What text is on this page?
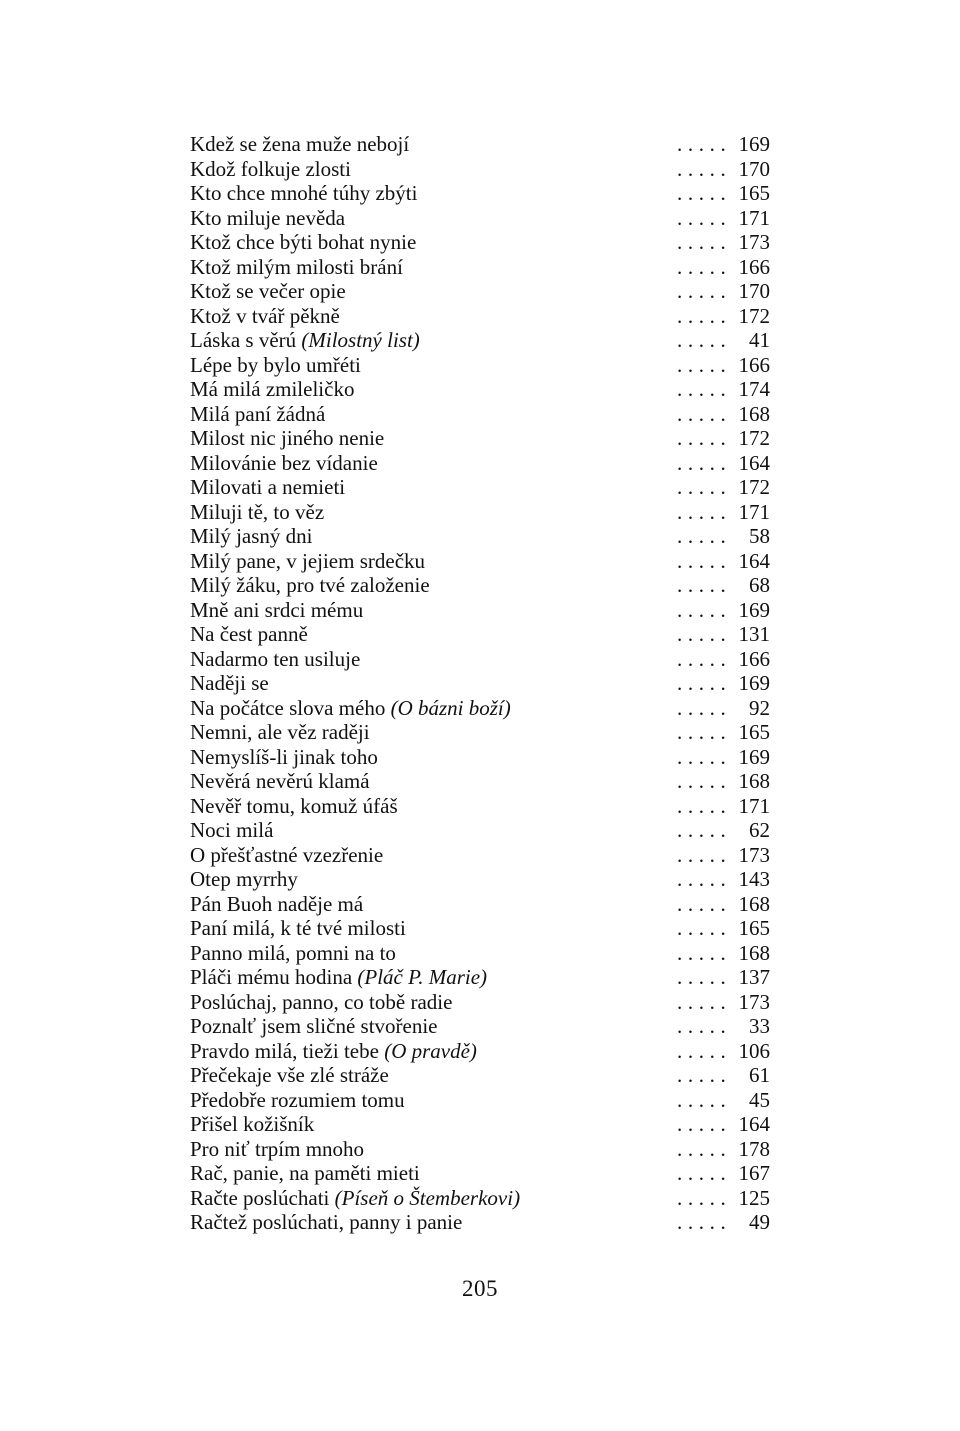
Kdež se žena muže nebojí	. . . . . 169
Kdož folkuje zlosti	. . . . . 170
Kto chce mnohé túhy zbýti	. . . . . 165
Kto miluje nevěda	. . . . . 171
Ktož chce býti bohat nynie	. . . . . 173
Ktož milým milosti brání	. . . . . 166
Ktož se večer opie	. . . . . 170
Ktož v tvář pěkně	. . . . . 172
Láska s věrú (Milostný list)	. . . . .	41
Lépe by bylo umřéti	. . . . . 166
Má milá zmileličko	. . . . . 174
Milá paní žádná	. . . . . 168
Milost nic jiného nenie	. . . . . 172
Milovánie bez vídanie	. . . . . 164
Milovati a nemieti	. . . . . 172
Miluji tě, to věz	. . . . . 171
Milý jasný dni	. . . . .	58
Milý pane, v jejiem srdečku	. . . . . 164
Milý žáku, pro tvé založenie	. . . . .	68
Mně ani srdci mému	. . . . . 169
Na čest panně	. . . . . 131
Nadarmo ten usiluje	. . . . . 166
Naději se	. . . . . 169
Na počátce slova mého (O bázni boží)	. . . . .	92
Nemni, ale věz raději	. . . . . 165
Nemyslíš-li jinak toho	. . . . . 169
Nevěrá nevěrú klamá	. . . . . 168
Nevěř tomu, komuž úfáš	. . . . . 171
Noci milá	. . . . .	62
O přešťastné vzezřenie	. . . . . 173
Otep myrrhy	. . . . . 143
Pán Buoh naděje má	. . . . . 168
Paní milá, k té tvé milosti	. . . . . 165
Panno milá, pomni na to	. . . . . 168
Pláči mému hodina (Pláč P. Marie)	. . . . . 137
Poslúchaj, panno, co tobě radie	. . . . . 173
Poznalť jsem sličné stvořenie	. . . . .	33
Pravdo milá, tieži tebe (O pravdě)	. . . . . 106
Přečekaje vše zlé stráže	. . . . .	61
Předobře rozumiem tomu	. . . . .	45
Přišel kožišník	. . . . . 164
Pro niť trpím mnoho	. . . . . 178
Rač, panie, na paměti mieti	. . . . . 167
Račte poslúchati (Píseň o Štemberkovi)	. . . . . 125
Račtež poslúchati, panny i panie	. . . . .	49
205
